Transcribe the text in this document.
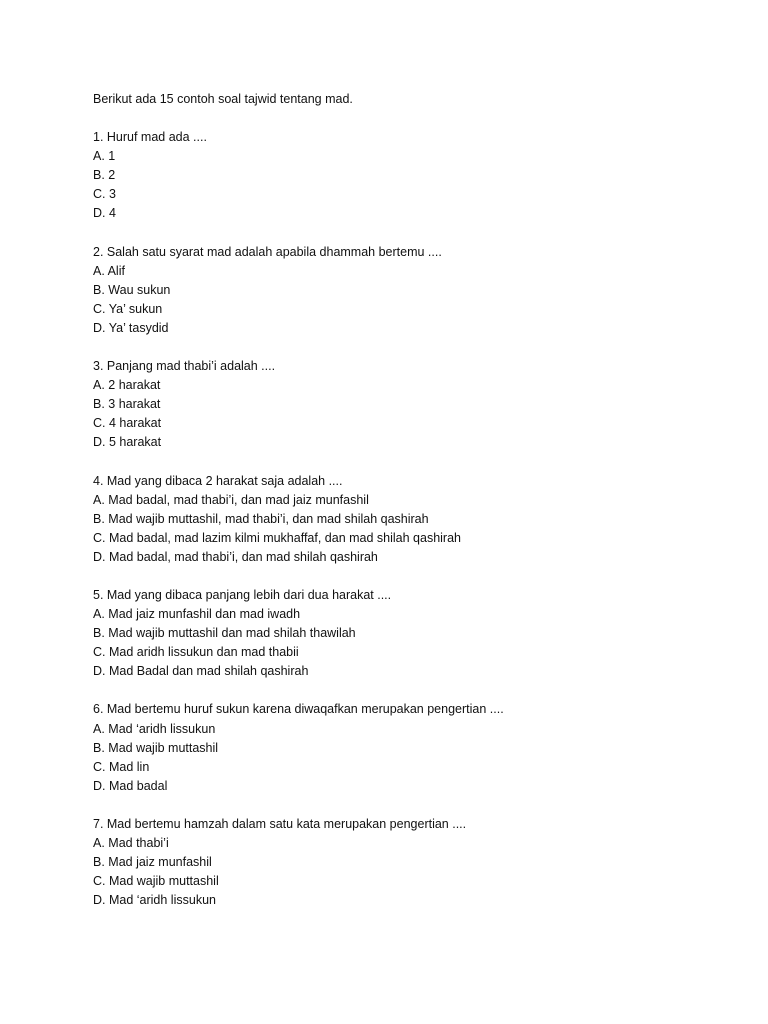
Berikut ada 15 contoh soal tajwid tentang mad.

1. Huruf mad ada ....

A. 1

B. 2

C. 3

D. 4

2. Salah satu syarat mad adalah apabila dhammah bertemu ....

A. Alif

B. Wau sukun

C. Ya’ sukun

D. Ya’ tasydid

3. Panjang mad thabi’i adalah ....

A. 2 harakat

B. 3 harakat

C. 4 harakat

D. 5 harakat

4. Mad yang dibaca 2 harakat saja adalah ....

A. Mad badal, mad thabi’i, dan mad jaiz munfashil

B. Mad wajib muttashil, mad thabi’i, dan mad shilah qashirah

C. Mad badal, mad lazim kilmi mukhaffaf, dan mad shilah qashirah

D. Mad badal, mad thabi’i, dan mad shilah qashirah

5. Mad yang dibaca panjang lebih dari dua harakat ....

A. Mad jaiz munfashil dan mad iwadh

B. Mad wajib muttashil dan mad shilah thawilah

C. Mad aridh lissukun dan mad thabii

D. Mad Badal dan mad shilah qashirah

6. Mad bertemu huruf sukun karena diwaqafkan merupakan pengertian ....

A. Mad ‘aridh lissukun

B. Mad wajib muttashil

C. Mad lin

D. Mad badal

7. Mad bertemu hamzah dalam satu kata merupakan pengertian ....

A. Mad thabi’i

B. Mad jaiz munfashil

C. Mad wajib muttashil

D. Mad ‘aridh lissukun
